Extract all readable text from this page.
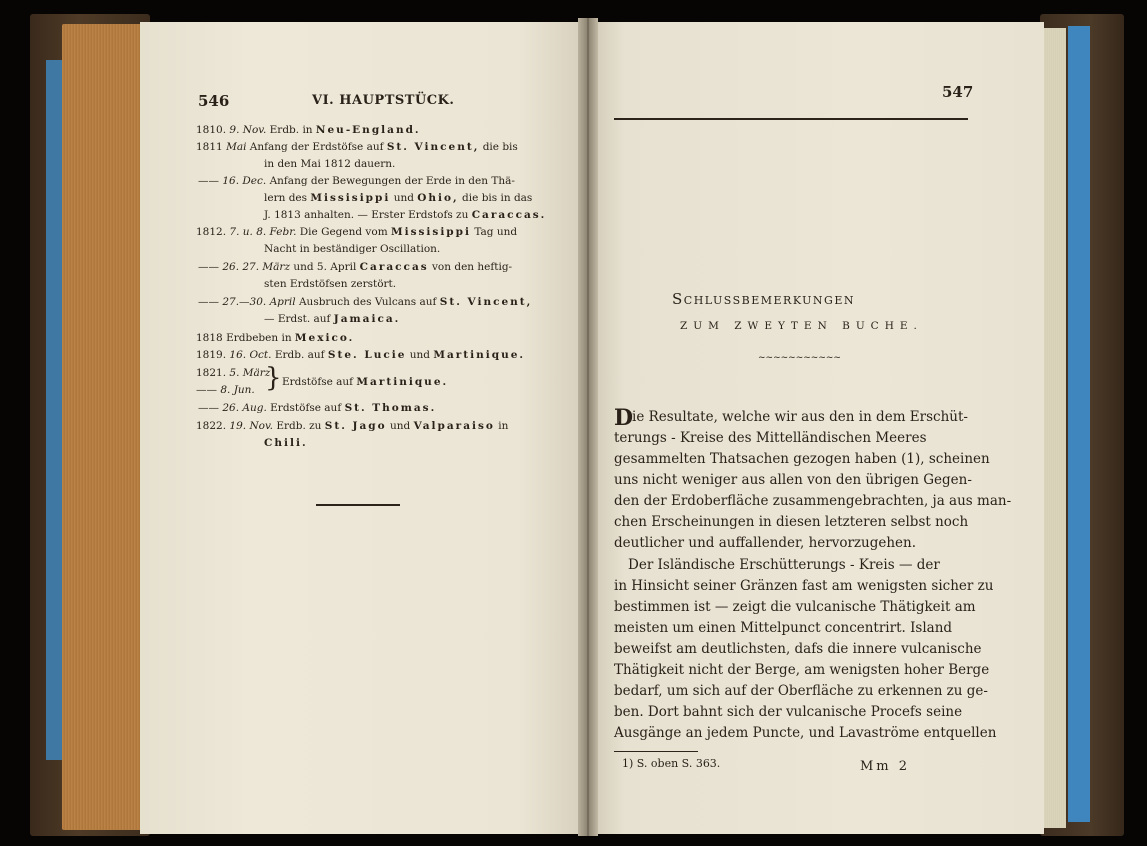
546	VI. HAUPTSTÜCK.
1810. 9. Nov. Erdb. in Neu-England.
1811 Mai Anfang der Erdstöfse auf St. Vincent, die bis
in den Mai 1812 dauern.
—— 16. Dec. Anfang der Bewegungen der Erde in den Thä-
lern des Missisippi und Ohio, die bis in das
J. 1813 anhalten. — Erster Erdstofs zu Caraccas.
1812. 7. u. 8. Febr. Die Gegend vom Missisippi Tag und
Nacht in beständiger Oscillation.
—— 26. 27. März und 5. April Caraccas von den heftig-
sten Erdstöfsen zerstört.
—— 27.—30. April Ausbruch des Vulcans auf St. Vincent,
— Erdst. auf Jamaica.
1818 Erdbeben in Mexico.
1819. 16. Oct. Erdb. auf Ste. Lucie und Martinique.
1821. 5. März
—— 8. Jun. } Erdstöfse auf Martinique.
—— 26. Aug. Erdstöfse auf St. Thomas.
1822. 19. Nov. Erdb. zu St. Jago und Valparaiso in
Chili.
547
Schlussbemerkungen
ZUM ZWEYTEN BUCHE.
~~~~~~~~~~~
D
ie Resultate, welche wir aus den in dem Erschüt-
terungs - Kreise des Mittelländischen Meeres
gesammelten Thatsachen gezogen haben (1), scheinen
uns nicht weniger aus allen von den übrigen Gegen-
den der Erdoberfläche zusammengebrachten, ja aus man-
chen Erscheinungen in diesen letzteren selbst noch
deutlicher und auffallender, hervorzugehen.
Der Isländische Erschütterungs - Kreis — der
in Hinsicht seiner Gränzen fast am wenigsten sicher zu
bestimmen ist — zeigt die vulcanische Thätigkeit am
meisten um einen Mittelpunct concentrirt. Island
beweifst am deutlichsten, dafs die innere vulcanische
Thätigkeit nicht der Berge, am wenigsten hoher Berge
bedarf, um sich auf der Oberfläche zu erkennen zu ge-
ben. Dort bahnt sich der vulcanische Procefs seine
Ausgänge an jedem Puncte, und Lavaströme entquellen
1) S. oben S. 363.	Mm 2
